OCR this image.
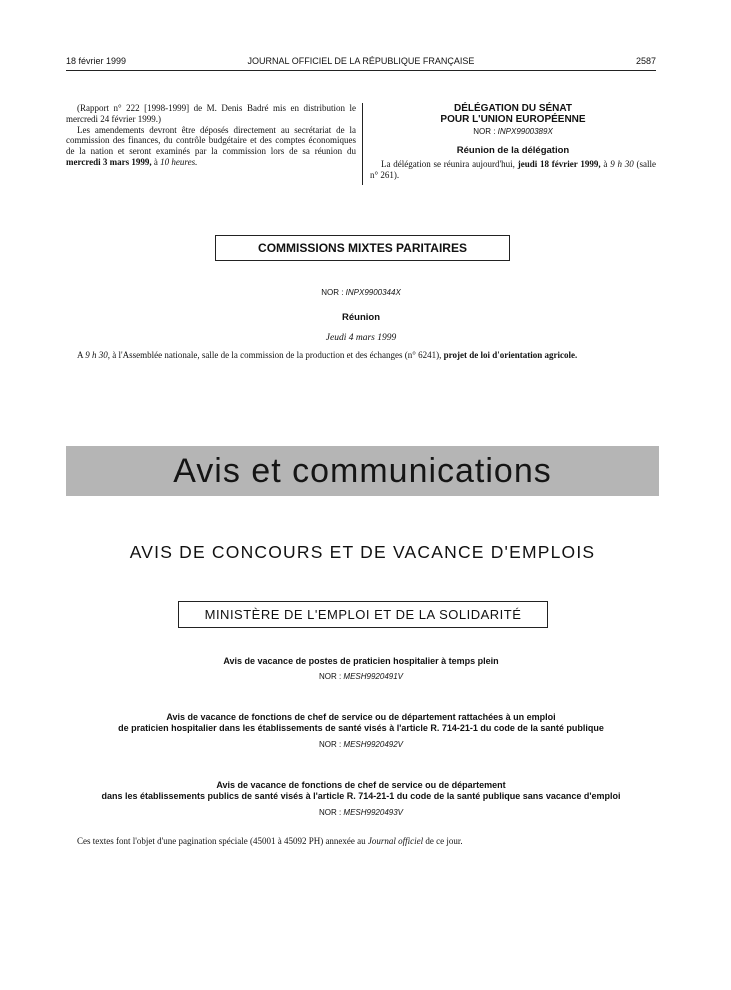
18 février 1999	JOURNAL OFFICIEL DE LA RÉPUBLIQUE FRANÇAISE	2587

(Rapport n° 222 [1998-1999] de M. Denis Badré mis en distribution le mercredi 24 février 1999.)

Les amendements devront être déposés directement au secrétariat de la commission des finances, du contrôle budgétaire et des comptes économiques de la nation et seront examinés par la commission lors de sa réunion du mercredi 3 mars 1999, à 10 heures.

DÉLÉGATION DU SÉNAT
POUR L'UNION EUROPÉENNE
NOR : INPX9900389X
Réunion de la délégation
La délégation se réunira aujourd'hui, jeudi 18 février 1999, à 9 h 30 (salle n° 261).
COMMISSIONS MIXTES PARITAIRES
NOR : INPX9900344X
Réunion
Jeudi 4 mars 1999
A 9 h 30, à l'Assemblée nationale, salle de la commission de la production et des échanges (n° 6241), projet de loi d'orientation agricole.
Avis et communications
AVIS DE CONCOURS ET DE VACANCE D'EMPLOIS
MINISTÈRE DE L'EMPLOI ET DE LA SOLIDARITÉ
Avis de vacance de postes de praticien hospitalier à temps plein
NOR : MESH9920491V
Avis de vacance de fonctions de chef de service ou de département rattachées à un emploi
de praticien hospitalier dans les établissements de santé visés à l'article R. 714-21-1 du code de la santé publique
NOR : MESH9920492V
Avis de vacance de fonctions de chef de service ou de département
dans les établissements publics de santé visés à l'article R. 714-21-1 du code de la santé publique sans vacance d'emploi
NOR : MESH9920493V
Ces textes font l'objet d'une pagination spéciale (45001 à 45092 PH) annexée au Journal officiel de ce jour.
